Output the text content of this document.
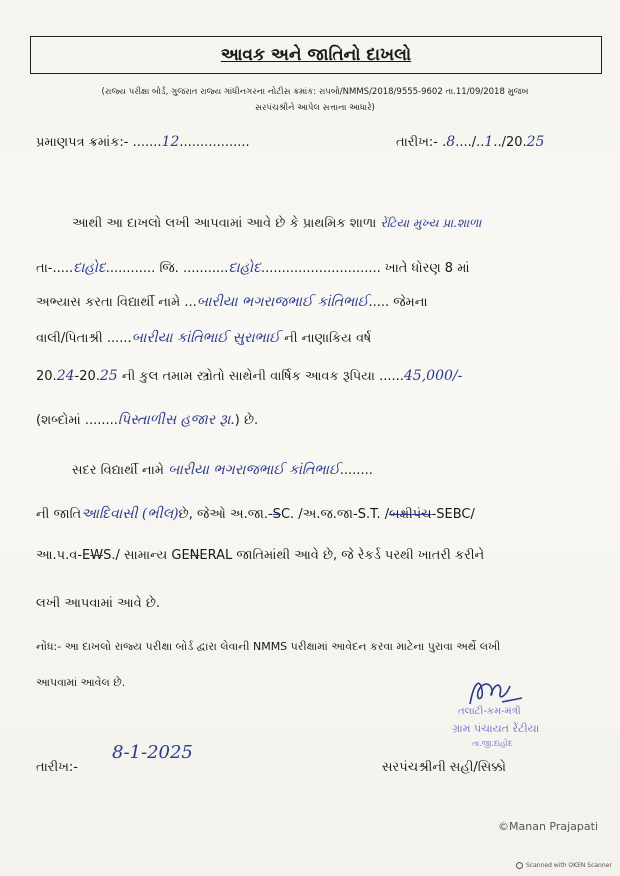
આવક અને જાતિનો દાખલો
(રાજ્ય પરીક્ષા બોર્ડ, ગુજરાત રાજ્ય ગાંધીનગરના નોટીસ ક્રમાંક: રાપબો/NMMS/2018/9555-9602 તા.11/09/2018 મુજબ
સરપંચશ્રીને આપેલ સત્તાના આધારે)
પ્રમાણપત્ર ક્રમાંક:- .......12.................	તારીખ:- .8..../..1../20.25
આથી આ દાખલો લખી આપવામાં આવે છે કે પ્રાથમિક શાળા રેંટિયા મુખ્ય પ્રા.શાળા
તા-.....દાહોદ............ જિ. ...........દાહોદ............................. ખાતે ધોરણ 8 માં
અભ્યાસ કરતા વિદ્યાર્થી નામે ...બારીયા ભગરાજભાઈ કાંતિભાઈ..... જેમના
વાલી/પિતાશ્રી ......બારીયા કાંતિભાઈ સુરાભાઈ ની નાણાકિય વર્ષ
20.24-20.25 ની કુલ તમામ સ્ત્રોતો સાથેની વાર્ષિક આવક રૂપિયા ......45,000/-
(શબ્દોમાં ........પિસ્તાળીસ હજાર રૂા.) છે.
સદર વિદ્યાર્થી નામે બારીયા ભગરાજભાઈ કાંતિભાઈ........
ની જાતિઆદિવાસી (ભીલ)છે, જેઓ અ.જા.-SC. /અ.જ.જા-S.T. /બક્ષીપંચ-SEBC/
આ.પ.વ-EWS./ સામાન્ય GENERAL જાતિમાંથી આવે છે, જે રેકર્ડ પરથી ખાતરી કરીને
લખી આપવામાં આવે છે.
નોંધ:- આ દાખલો રાજ્ય પરીક્ષા બોર્ડ દ્વારા લેવાની NMMS પરીક્ષામાં આવેદન કરવા માટેના પુરાવા અર્થે લખી
આપવામાં આવેલ છે.
તલાટી-કમ-મંત્રી
ગ્રામ પંચાયત રેંટીયા
તા.જી.દાહોદ
તારીખ:-
8-1-2025
સરપંચશ્રીની સહી/સિક્કો
©Manan Prajapati
Scanned with OKEN Scanner
